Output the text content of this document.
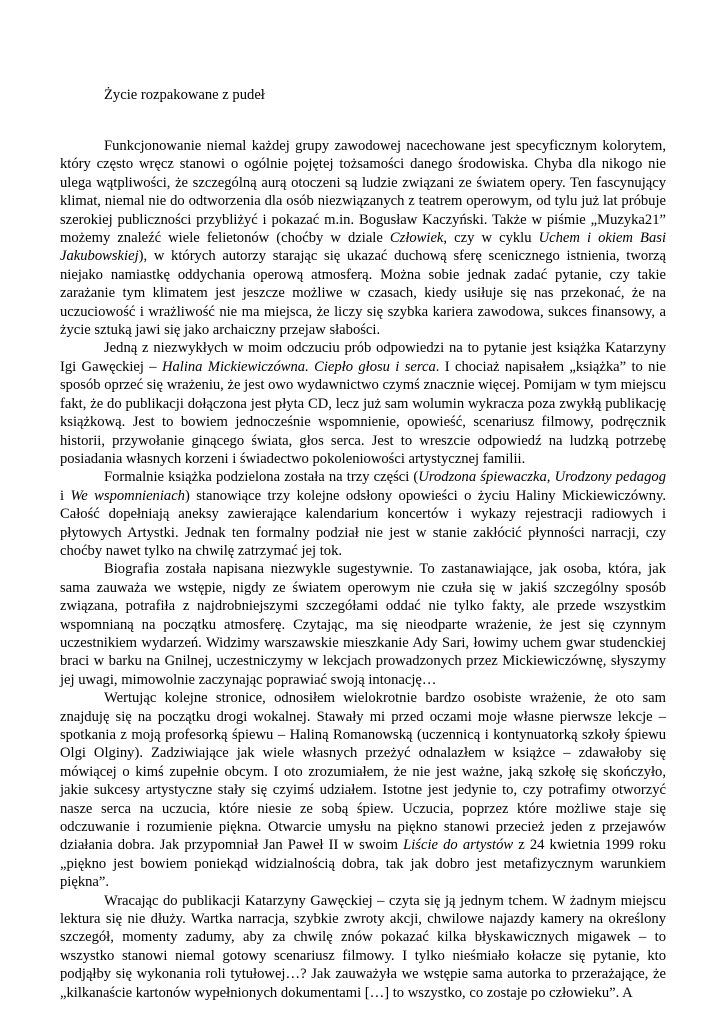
Życie rozpakowane z pudeł

Funkcjonowanie niemal każdej grupy zawodowej nacechowane jest specyficznym kolorytem, który często wręcz stanowi o ogólnie pojętej tożsamości danego środowiska. Chyba dla nikogo nie ulega wątpliwości, że szczególną aurą otoczeni są ludzie związani ze światem opery. Ten fascynujący klimat, niemal nie do odtworzenia dla osób niezwiązanych z teatrem operowym, od tylu już lat próbuje szerokiej publiczności przybliżyć i pokazać m.in. Bogusław Kaczyński. Także w piśmie „Muzyka21” możemy znaleźć wiele felietonów (choćby w dziale Człowiek, czy w cyklu Uchem i okiem Basi Jakubowskiej), w których autorzy starając się ukazać duchową sferę scenicznego istnienia, tworzą niejako namiastkę oddychania operową atmosferą. Można sobie jednak zadać pytanie, czy takie zarażanie tym klimatem jest jeszcze możliwe w czasach, kiedy usiłuje się nas przekonać, że na uczuciowość i wrażliwość nie ma miejsca, że liczy się szybka kariera zawodowa, sukces finansowy, a życie sztuką jawi się jako archaiczny przejaw słabości.

Jedną z niezwykłych w moim odczuciu prób odpowiedzi na to pytanie jest książka Katarzyny Igi Gawęckiej – Halina Mickiewiczówna. Ciepło głosu i serca. I chociaż napisałem „książka” to nie sposób oprzeć się wrażeniu, że jest owo wydawnictwo czymś znacznie więcej. Pomijam w tym miejscu fakt, że do publikacji dołączona jest płyta CD, lecz już sam wolumin wykracza poza zwykłą publikację książkową. Jest to bowiem jednocześnie wspomnienie, opowieść, scenariusz filmowy, podręcznik historii, przywołanie ginącego świata, głos serca. Jest to wreszcie odpowiedź na ludzką potrzebę posiadania własnych korzeni i świadectwo pokoleniowości artystycznej familii.

Formalnie książka podzielona została na trzy części (Urodzona śpiewaczka, Urodzony pedagog i We wspomnieniach) stanowiące trzy kolejne odsłony opowieści o życiu Haliny Mickiewiczówny. Całość dopełniają aneksy zawierające kalendarium koncertów i wykazy rejestracji radiowych i płytowych Artystki. Jednak ten formalny podział nie jest w stanie zakłócić płynności narracji, czy choćby nawet tylko na chwilę zatrzymać jej tok.

Biografia została napisana niezwykle sugestywnie. To zastanawiające, jak osoba, która, jak sama zauważa we wstępie, nigdy ze światem operowym nie czuła się w jakiś szczególny sposób związana, potrafiła z najdrobniejszymi szczegółami oddać nie tylko fakty, ale przede wszystkim wspomnianą na początku atmosferę. Czytając, ma się nieodparte wrażenie, że jest się czynnym uczestnikiem wydarzeń. Widzimy warszawskie mieszkanie Ady Sari, łowimy uchem gwar studenckiej braci w barku na Gnilnej, uczestniczymy w lekcjach prowadzonych przez Mickiewiczównę, słyszymy jej uwagi, mimowolnie zaczynając poprawiać swoją intonację…

Wertując kolejne stronice, odnosiłem wielokrotnie bardzo osobiste wrażenie, że oto sam znajduję się na początku drogi wokalnej. Stawały mi przed oczami moje własne pierwsze lekcje – spotkania z moją profesorką śpiewu – Haliną Romanowską (uczennicą i kontynuatorką szkoły śpiewu Olgi Olginy). Zadziwiające jak wiele własnych przeżyć odnalazłem w książce – zdawałoby się mówiącej o kimś zupełnie obcym. I oto zrozumiałem, że nie jest ważne, jaką szkołę się skończyło, jakie sukcesy artystyczne stały się czyimś udziałem. Istotne jest jedynie to, czy potrafimy otworzyć nasze serca na uczucia, które niesie ze sobą śpiew. Uczucia, poprzez które możliwe staje się odczuwanie i rozumienie piękna. Otwarcie umysłu na piękno stanowi przecież jeden z przejawów działania dobra. Jak przypomniał Jan Paweł II w swoim Liście do artystów z 24 kwietnia 1999 roku „piękno jest bowiem poniekąd widzialnością dobra, tak jak dobro jest metafizycznym warunkiem piękna”.

Wracając do publikacji Katarzyny Gawęckiej – czyta się ją jednym tchem. W żadnym miejscu lektura się nie dłuży. Wartka narracja, szybkie zwroty akcji, chwilowe najazdy kamery na określony szczegół, momenty zadumy, aby za chwilę znów pokazać kilka błyskawicznych migawek – to wszystko stanowi niemal gotowy scenariusz filmowy. I tylko nieśmiało kołacze się pytanie, kto podjąłby się wykonania roli tytułowej…? Jak zauważyła we wstępie sama autorka to przerażające, że „kilkanaście kartonów wypełnionych dokumentami […] to wszystko, co zostaje po człowieku”. A
